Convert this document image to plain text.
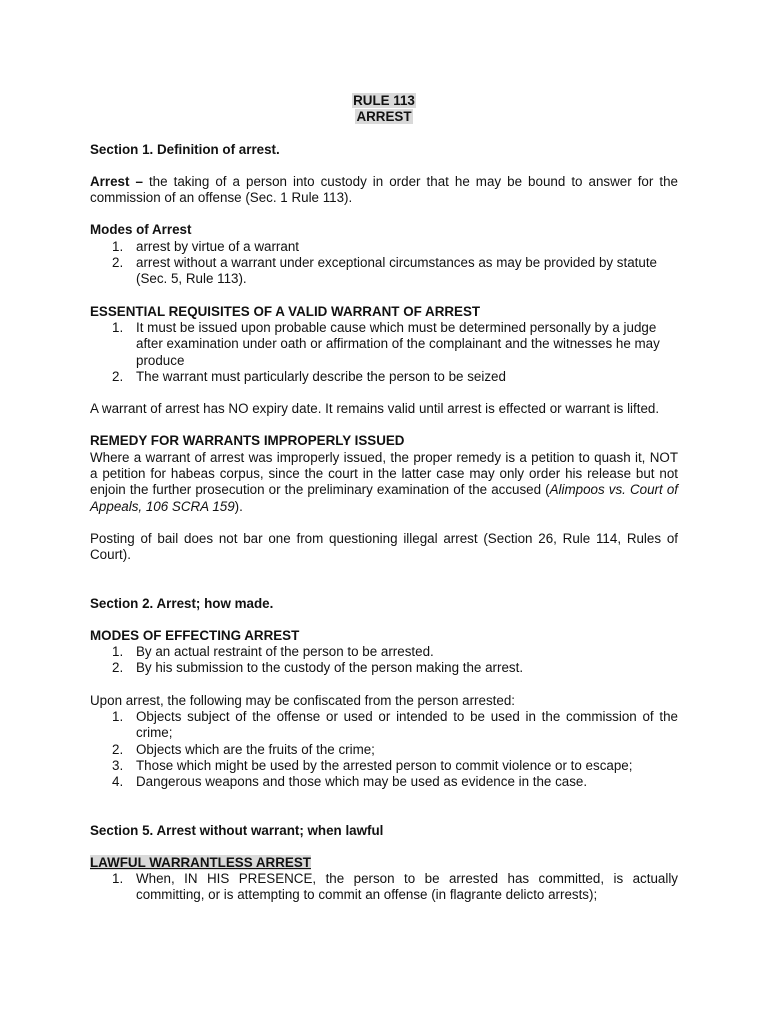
RULE 113
ARREST

Section 1. Definition of arrest.

Arrest – the taking of a person into custody in order that he may be bound to answer for the commission of an offense (Sec. 1 Rule 113).

Modes of Arrest

1. arrest by virtue of a warrant
2. arrest without a warrant under exceptional circumstances as may be provided by statute (Sec. 5, Rule 113).

ESSENTIAL REQUISITES OF A VALID WARRANT OF ARREST

1. It must be issued upon probable cause which must be determined personally by a judge after examination under oath or affirmation of the complainant and the witnesses he may produce
2. The warrant must particularly describe the person to be seized

A warrant of arrest has NO expiry date. It remains valid until arrest is effected or warrant is lifted.

REMEDY FOR WARRANTS IMPROPERLY ISSUED

Where a warrant of arrest was improperly issued, the proper remedy is a petition to quash it, NOT a petition for habeas corpus, since the court in the latter case may only order his release but not enjoin the further prosecution or the preliminary examination of the accused (Alimpoos vs. Court of Appeals, 106 SCRA 159).

Posting of bail does not bar one from questioning illegal arrest (Section 26, Rule 114, Rules of Court).

Section 2. Arrest; how made.

MODES OF EFFECTING ARREST

1. By an actual restraint of the person to be arrested.
2. By his submission to the custody of the person making the arrest.

Upon arrest, the following may be confiscated from the person arrested:

1. Objects subject of the offense or used or intended to be used in the commission of the crime;
2. Objects which are the fruits of the crime;
3. Those which might be used by the arrested person to commit violence or to escape;
4. Dangerous weapons and those which may be used as evidence in the case.

Section 5. Arrest without warrant; when lawful

LAWFUL WARRANTLESS ARREST

1. When, IN HIS PRESENCE, the person to be arrested has committed, is actually committing, or is attempting to commit an offense (in flagrante delicto arrests);
